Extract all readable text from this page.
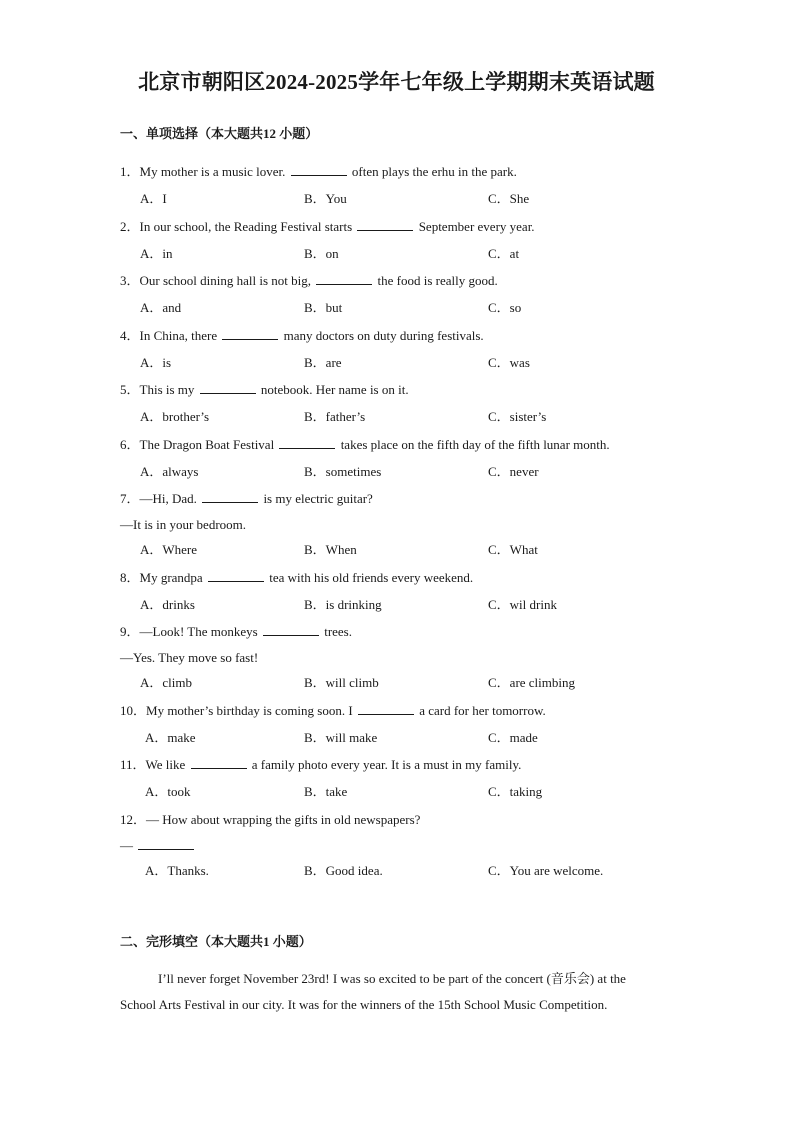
北京市朝阳区2024-2025学年七年级上学期期末英语试题
一、单项选择（本大题共12 小题）
1．My mother is a music lover.	often plays the erhu in the park.
A．I	B．You	C．She
2．In our school, the Reading Festival starts	September every year.
A．in	B．on	C．at
3．Our school dining hall is not big,	the food is really good.
A．and	B．but	C．so
4．In China, there	many doctors on duty during festivals.
A．is	B．are	C．was
5．This is my	notebook. Her name is on it.
A．brother’s	B．father’s	C．sister’s
6．The Dragon Boat Festival	takes place on the fifth day of the fifth lunar month.
A．always	B．sometimes	C．never
7．—Hi, Dad.	is my electric guitar?
—It is in your bedroom.
A．Where	B．When	C．What
8．My grandpa	tea with his old friends every weekend.
A．drinks	B．is drinking	C．wil drink
9．—Look! The monkeys	trees.
—Yes. They move so fast!
A．climb	B．will climb	C．are climbing
10．My mother’s birthday is coming soon. I	a card for her tomorrow.
A．make	B．will make	C．made
11．We like	a family photo every year. It is a must in my family.
A．took	B．take	C．taking
12．— How about wrapping the gifts in old newspapers?
—
A．Thanks.	B．Good idea.	C．You are welcome.
二、完形填空（本大题共1 小题）
I’ll never forget November 23rd! I was so excited to be part of the concert (音乐会) at the School Arts Festival in our city. It was for the winners of the 15th School Music Competition.
